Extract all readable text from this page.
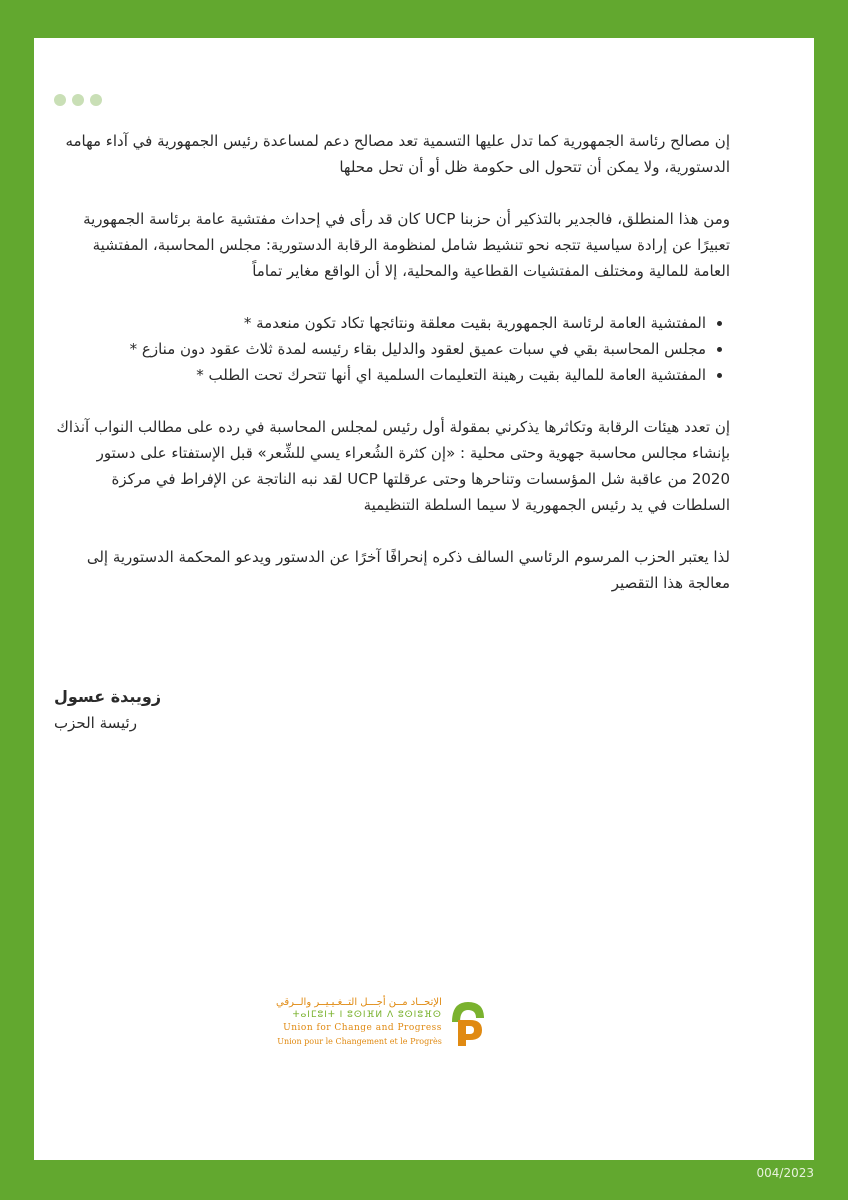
إن مصالح رئاسة الجمهورية كما تدل عليها التسمية تعد مصالح دعم لمساعدة رئيس الجمهورية في آداء مهامه الدستورية، ولا يمكن أن تتحول الى حكومة ظل أو أن تحل محلها

ومن هذا المنطلق، فالجدير بالتذكير أن حزبنا UCP كان قد رأى في إحداث مفتشية عامة برئاسة الجمهورية تعبيرًا عن إرادة سياسية تتجه نحو تنشيط شامل لمنظومة الرقابة الدستورية: مجلس المحاسبة، المفتشية العامة للمالية ومختلف المفتشيات القطاعية والمحلية، إلا أن الواقع مغاير تماماً

• المفتشية العامة لرئاسة الجمهورية بقيت معلقة ونتائجها تكاد تكون منعدمة *
• مجلس المحاسبة بقي في سبات عميق لعقود والدليل بقاء رئيسه لمدة ثلاث عقود دون منازع *
• المفتشية العامة للمالية بقيت رهينة التعليمات السلمية اي أنها تتحرك تحت الطلب *

إن تعدد هيئات الرقابة وتكاثرها يذكرني بمقولة أول رئيس لمجلس المحاسبة في رده على مطالب النواب آنذاك بإنشاء مجالس محاسبة جهوية وحتى محلية : «إن كثرة الشُعراء يسي للشِّعر» قبل الإستفتاء على دستور 2020 من عاقبة شل المؤسسات وتناحرها وحتى عرقلتها UCP لقد نبه الناتجة عن الإفراط في مركزة السلطات في يد رئيس الجمهورية لا سيما السلطة التنظيمية

لذا يعتبر الحزب المرسوم الرئاسي السالف ذكره إنحرافًا آخرًا عن الدستور ويدعو المحكمة الدستورية إلى معالجة هذا التقصير

زويبدة عسول
رئيسة الحزب
الإتحــاد مــن أجـــل التــغـيـيــر والــرقي
ⵜⴰⵏⵎⵓⵏⵜ ⵏ ⵓⵙⵏⴼⵍ ⴷ ⵓⵙⵏⵓⴼⵙ
Union for Change and Progress
Union pour le Changement et le Progrès
004/2023
